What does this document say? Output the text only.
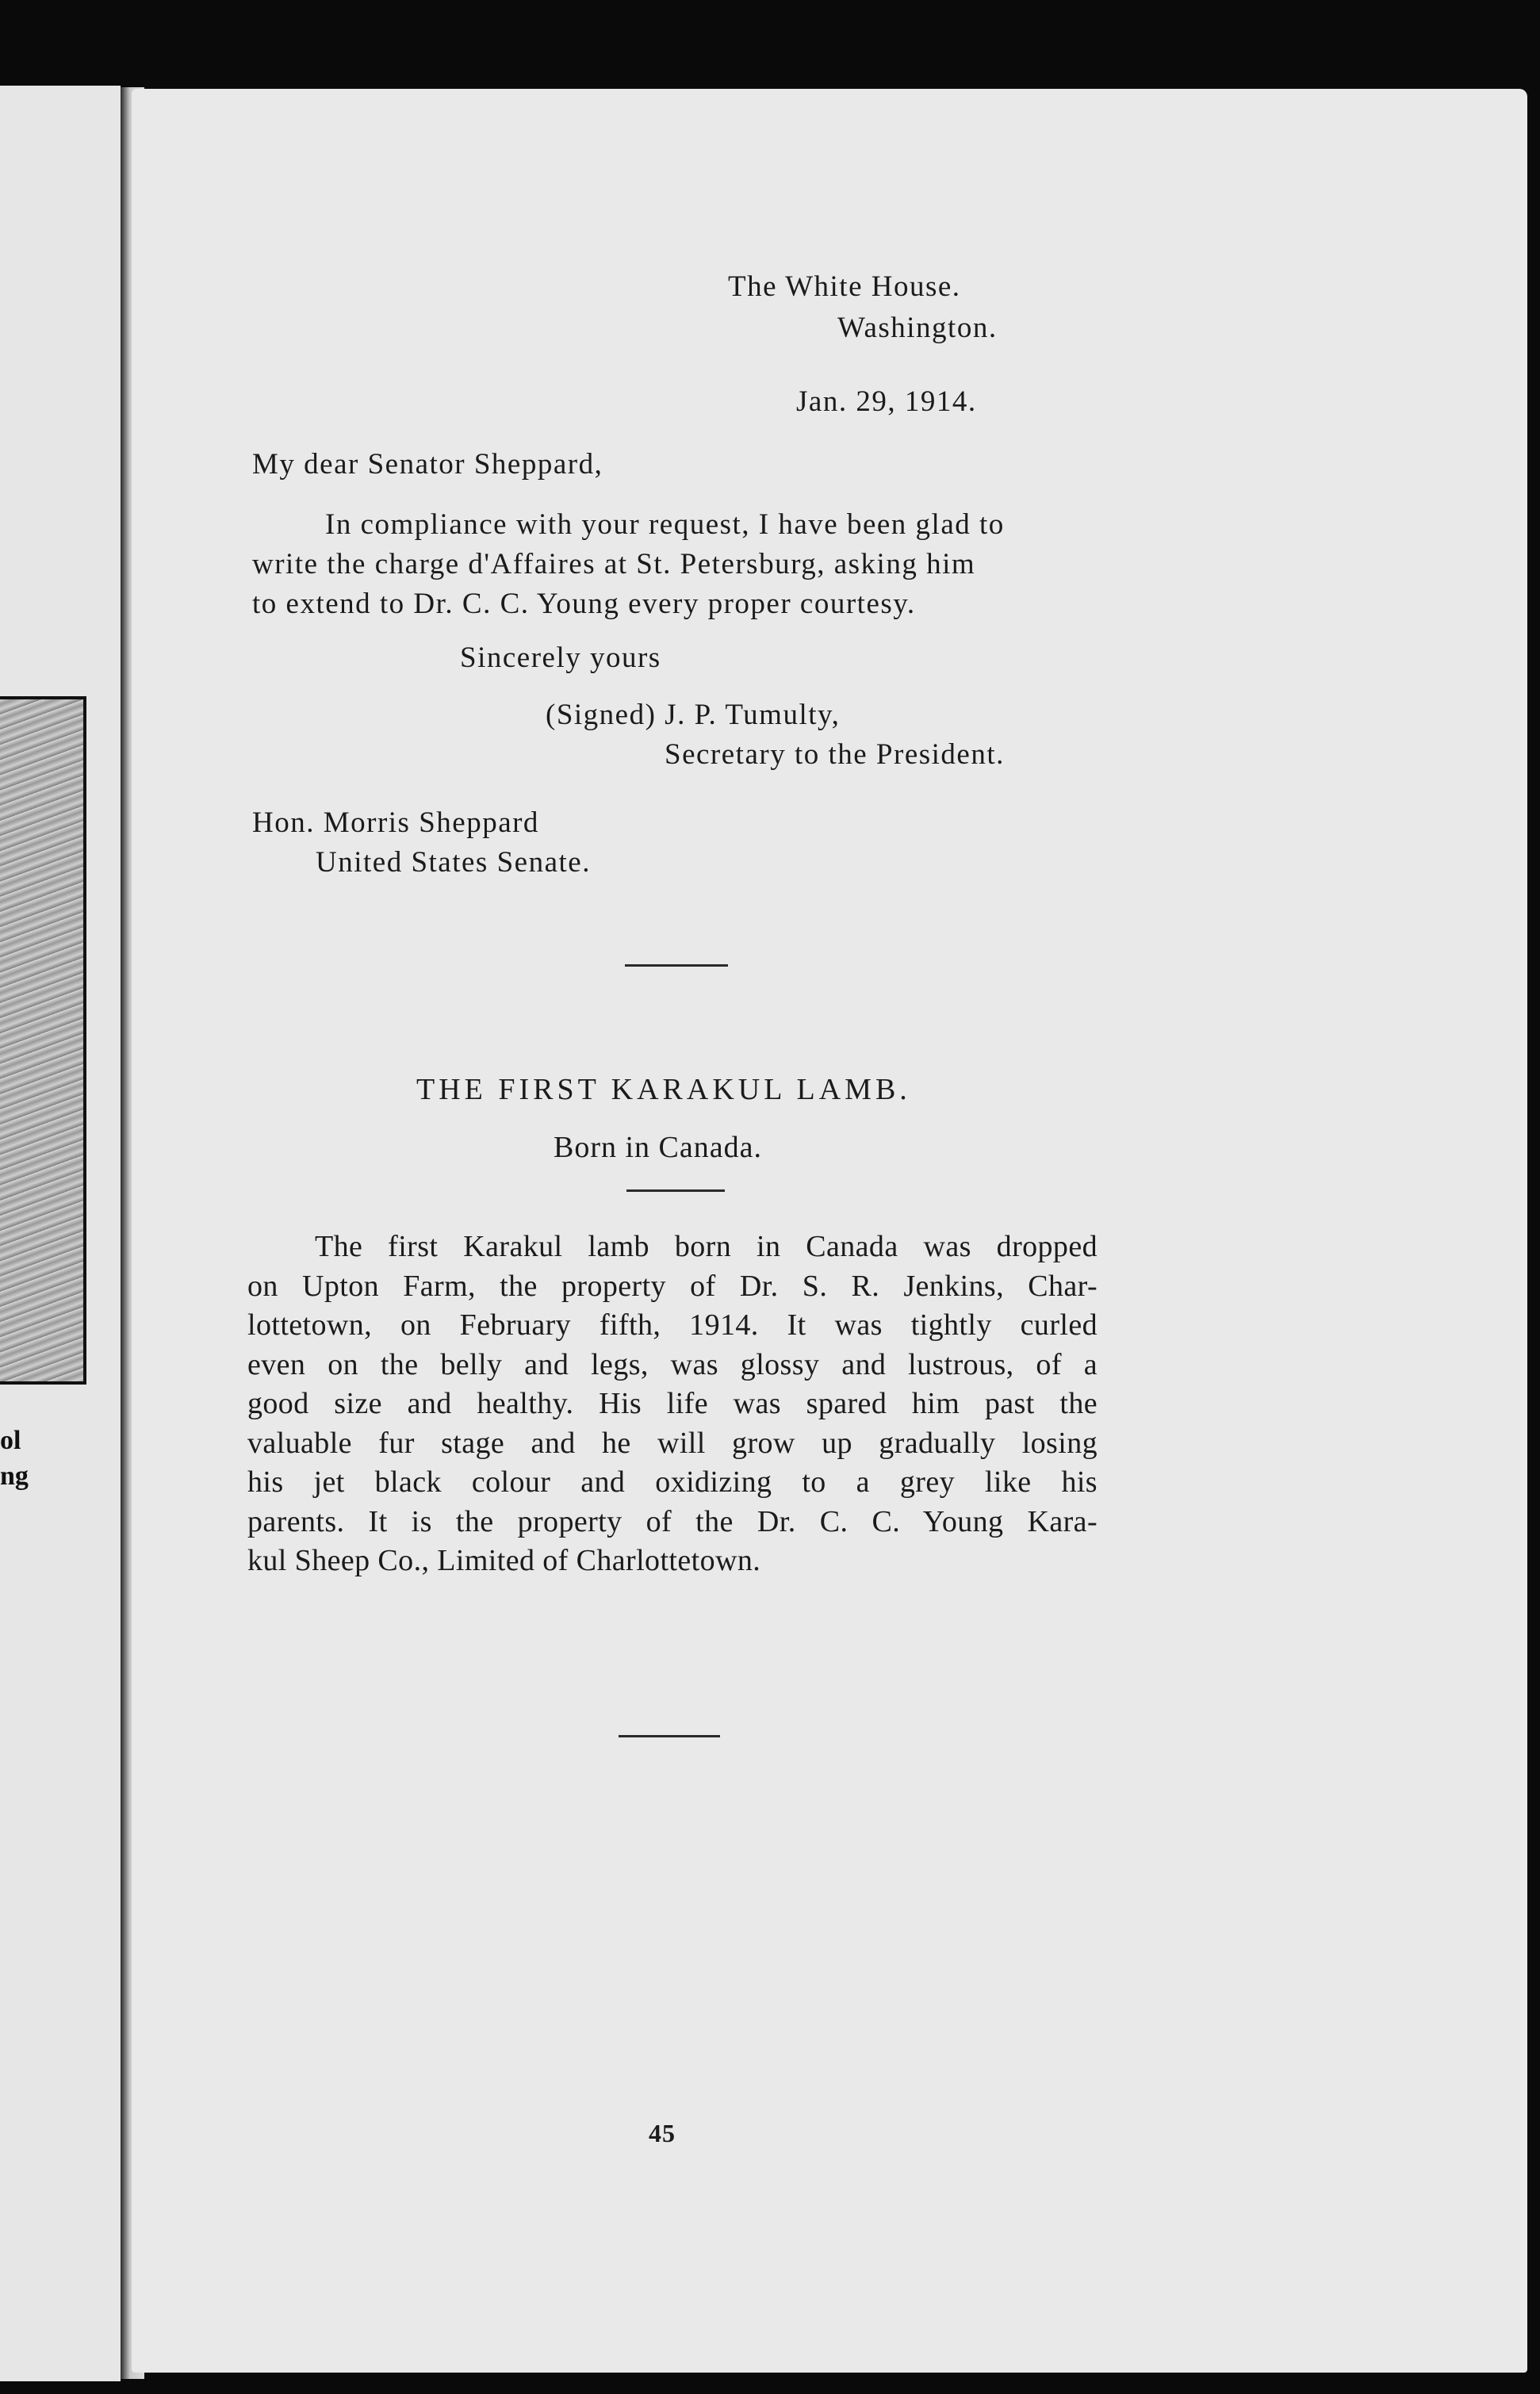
ol
ng
The White House.
Washington.
Jan. 29, 1914.
My dear Senator Sheppard,
In compliance with your request, I have been glad to
write the charge d'Affaires at St. Petersburg, asking him
to extend to Dr. C. C. Young every proper courtesy.
Sincerely yours
(Signed) J. P. Tumulty,
Secretary to the President.
Hon. Morris Sheppard
United States Senate.
THE FIRST KARAKUL LAMB.
Born in Canada.
The first Karakul lamb born in Canada was dropped
on Upton Farm, the property of Dr. S. R. Jenkins, Char-
lottetown, on February fifth, 1914. It was tightly curled
even on the belly and legs, was glossy and lustrous, of a
good size and healthy. His life was spared him past the
valuable fur stage and he will grow up gradually losing
his jet black colour and oxidizing to a grey like his
parents. It is the property of the Dr. C. C. Young Kara-
kul Sheep Co., Limited of Charlottetown.
45
